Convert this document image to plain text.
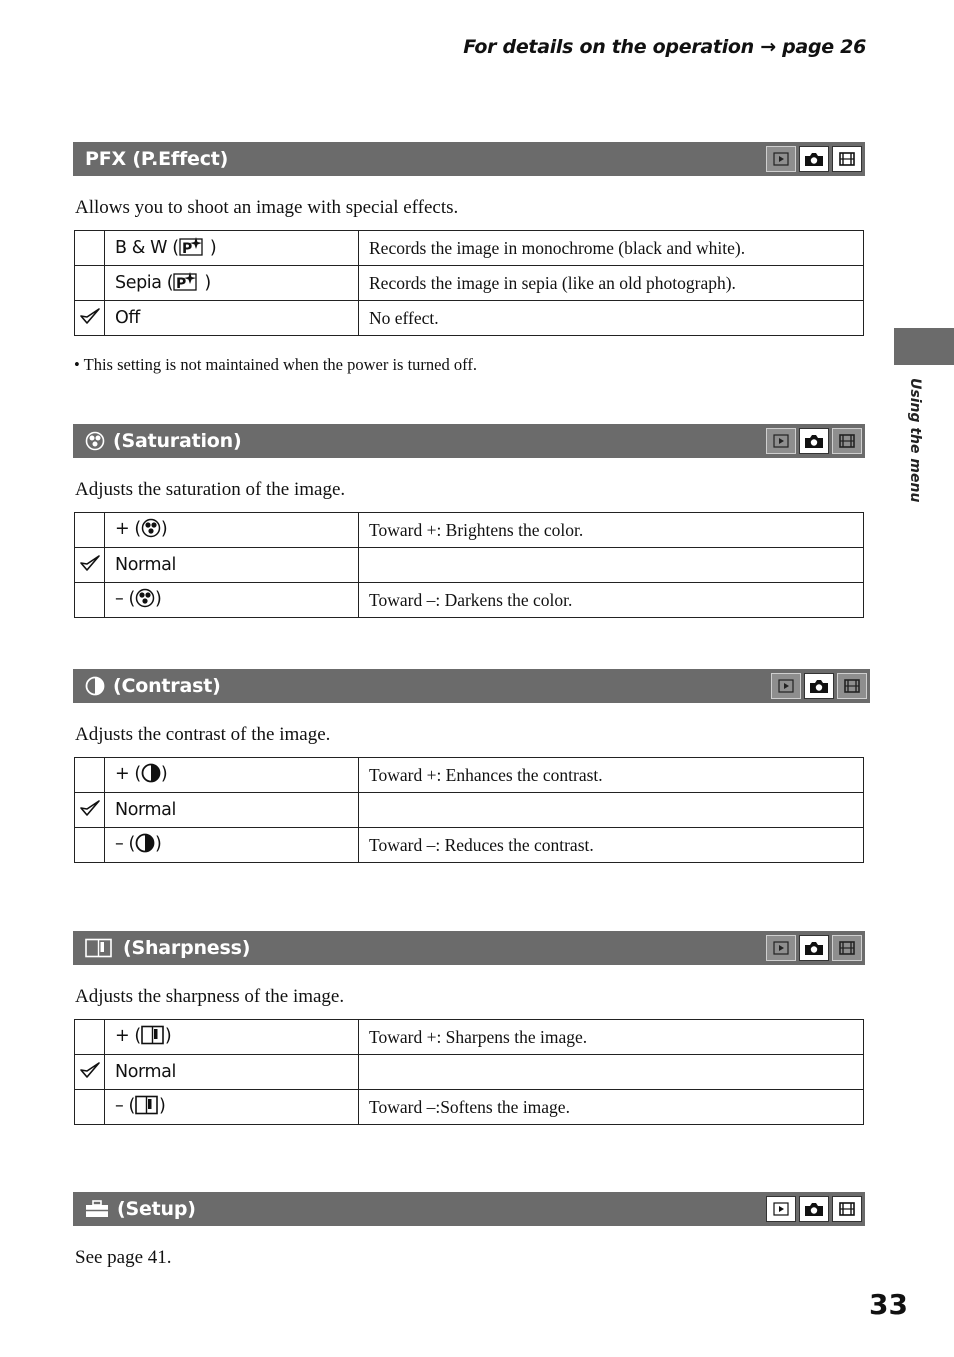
For details on the operation → page 26
PFX (P.Effect)
Allows you to shoot an image with special effects.
	B & W ( P )	Records the image in monochrome (black and white).
	Sepia ( P )	Records the image in sepia (like an old photograph).
	Off	No effect.
• This setting is not maintained when the power is turned off.
(Saturation)
Adjusts the saturation of the image.
	+ ( )	Toward +: Brightens the color.
	Normal	
	– ( )	Toward –: Darkens the color.
(Contrast)
Adjusts the contrast of the image.
	+ ( )	Toward +: Enhances the contrast.
	Normal	
	– ( )	Toward –: Reduces the contrast.
(Sharpness)
Adjusts the sharpness of the image.
	+ ( )	Toward +: Sharpens the image.
	Normal	
	– ( )	Toward –:Softens the image.
(Setup)
See page 41.
Using the menu
33
